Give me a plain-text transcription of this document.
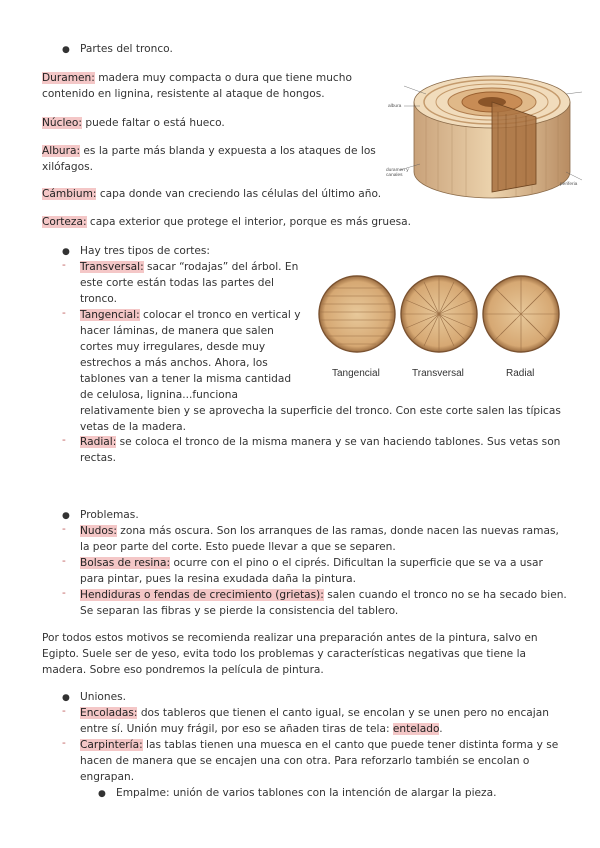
● Partes del tronco.

Duramen: madera muy compacta o dura que tiene mucho

contenido en lignina, resistente al ataque de hongos.

Núcleo: puede faltar o está hueco.

Albura: es la parte más blanda y expuesta a los ataques de los

xilófagos.

Cámbium: capa donde van creciendo las células del último año.

Corteza: capa exterior que protege el interior, porque es más gruesa.

albura
duramen y canales
periferia
● Hay tres tipos de cortes:

- Transversal: sacar “rodajas” del árbol. En

este corte están todas las partes del

tronco.

- Tangencial: colocar el tronco en vertical y

hacer láminas, de manera que salen

cortes muy irregulares, desde muy

estrechos a más anchos. Ahora, los

tablones van a tener la misma cantidad

de celulosa, lignina...funciona

relativamente bien y se aprovecha la superficie del tronco. Con este corte salen las típicas

vetas de la madera.

- Radial: se coloca el tronco de la misma manera y se van haciendo tablones. Sus vetas son

rectas.

Tangencial	Transversal	Radial
● Problemas.

- Nudos: zona más oscura. Son los arranques de las ramas, donde nacen las nuevas ramas,

la peor parte del corte. Esto puede llevar a que se separen.

- Bolsas de resina: ocurre con el pino o el ciprés. Dificultan la superficie que se va a usar

para pintar, pues la resina exudada daña la pintura.

- Hendiduras o fendas de crecimiento (grietas): salen cuando el tronco no se ha secado bien.

Se separan las fibras y se pierde la consistencia del tablero.

Por todos estos motivos se recomienda realizar una preparación antes de la pintura, salvo en

Egipto. Suele ser de yeso, evita todo los problemas y características negativas que tiene la

madera. Sobre eso pondremos la película de pintura.

● Uniones.

- Encoladas: dos tableros que tienen el canto igual, se encolan y se unen pero no encajan

entre sí. Unión muy frágil, por eso se añaden tiras de tela: entelado.

- Carpintería: las tablas tienen una muesca en el canto que puede tener distinta forma y se

hacen de manera que se encajen una con otra. Para reforzarlo también se encolan o

engrapan.

● Empalme: unión de varios tablones con la intención de alargar la pieza.
